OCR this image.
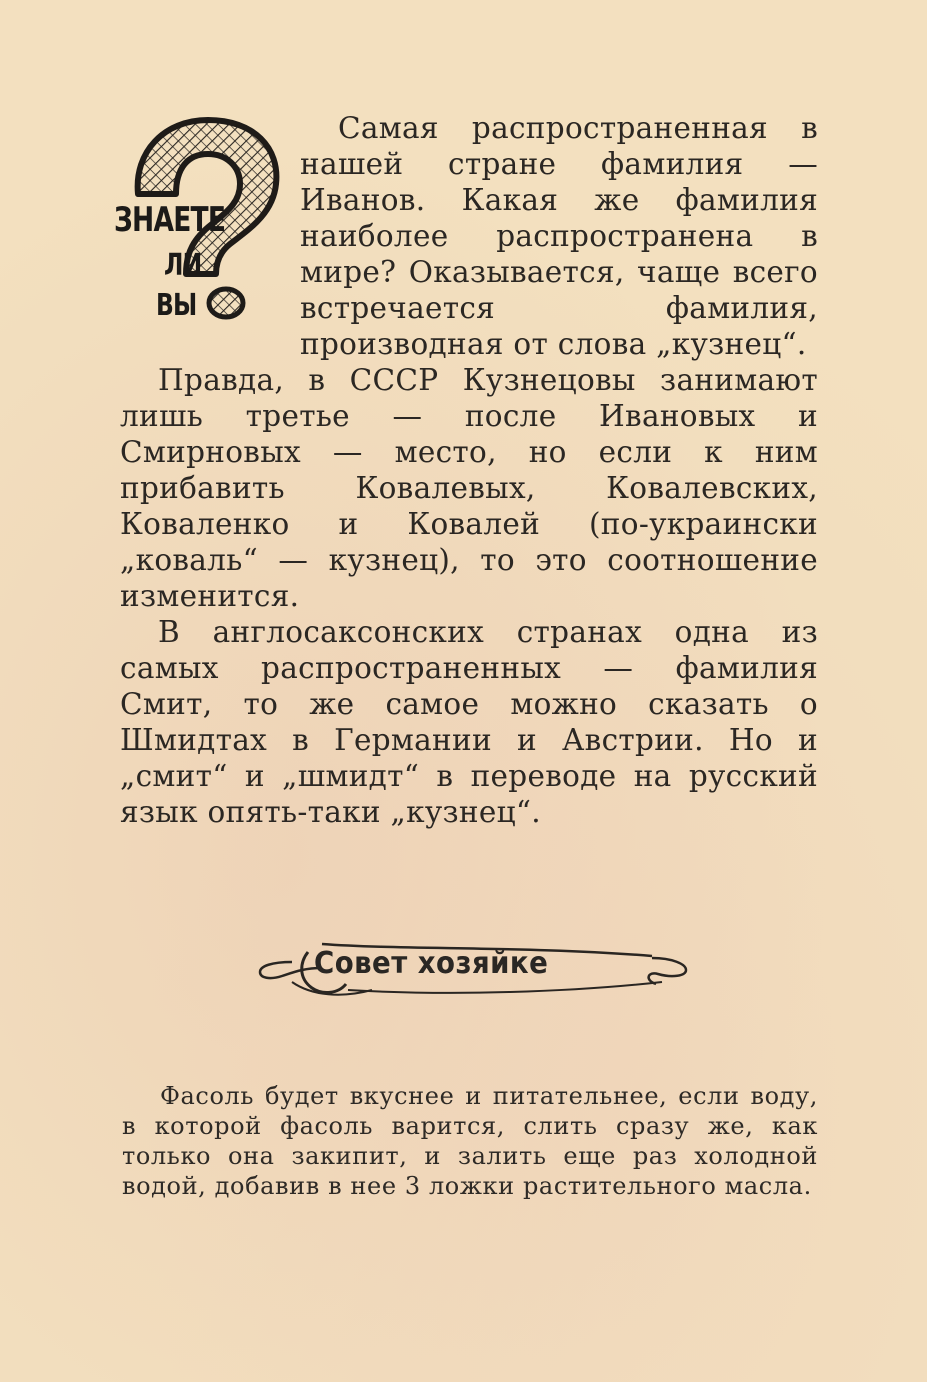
ЗНАЕТЕ
ЛИ
ВЫ

Самая распространенная в нашей стране фамилия — Иванов. Какая же фамилия наиболее распространена в мире? Оказывается, чаще всего встречается фамилия, производная от слова „кузнец“.

Правда, в СССР Кузнецовы занимают лишь третье — после Ивановых и Смирновых — место, но если к ним прибавить Ковалевых, Ковалевских, Коваленко и Ковалей (по-украински „коваль“ — кузнец), то это соотношение изменится.

В англосаксонских странах одна из самых распространенных — фамилия Смит, то же самое можно сказать о Шмидтах в Германии и Австрии. Но и „смит“ и „шмидт“ в переводе на русский язык опять-таки „кузнец“.

Совет хозяйке

Фасоль будет вкуснее и питательнее, если воду, в которой фасоль варится, слить сразу же, как только она закипит, и залить еще раз холодной водой, добавив в нее 3 ложки растительного масла.
